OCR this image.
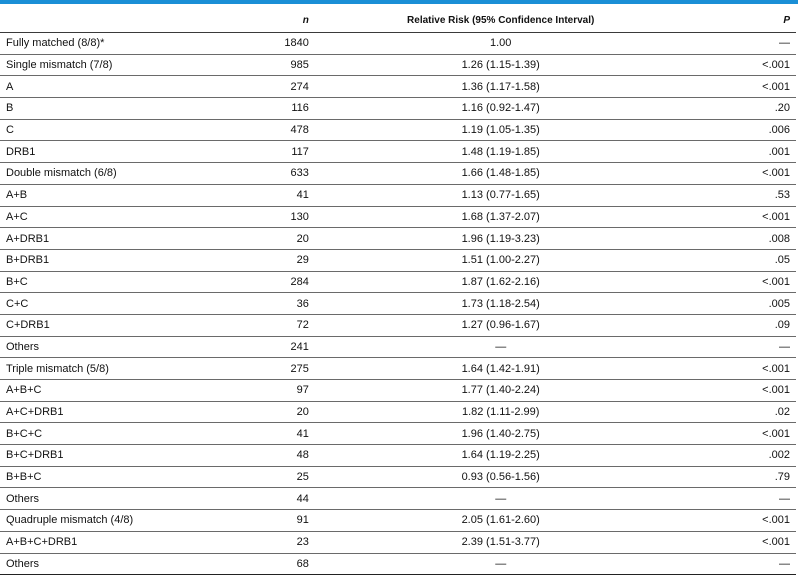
	n	Relative Risk (95% Confidence Interval)	P
Fully matched (8/8)*	1840	1.00	—
Single mismatch (7/8)	985	1.26 (1.15-1.39)	<.001
A	274	1.36 (1.17-1.58)	<.001
B	116	1.16 (0.92-1.47)	.20
C	478	1.19 (1.05-1.35)	.006
DRB1	117	1.48 (1.19-1.85)	.001
Double mismatch (6/8)	633	1.66 (1.48-1.85)	<.001
A+B	41	1.13 (0.77-1.65)	.53
A+C	130	1.68 (1.37-2.07)	<.001
A+DRB1	20	1.96 (1.19-3.23)	.008
B+DRB1	29	1.51 (1.00-2.27)	.05
B+C	284	1.87 (1.62-2.16)	<.001
C+C	36	1.73 (1.18-2.54)	.005
C+DRB1	72	1.27 (0.96-1.67)	.09
Others	241	—	—
Triple mismatch (5/8)	275	1.64 (1.42-1.91)	<.001
A+B+C	97	1.77 (1.40-2.24)	<.001
A+C+DRB1	20	1.82 (1.11-2.99)	.02
B+C+C	41	1.96 (1.40-2.75)	<.001
B+C+DRB1	48	1.64 (1.19-2.25)	.002
B+B+C	25	0.93 (0.56-1.56)	.79
Others	44	—	—
Quadruple mismatch (4/8)	91	2.05 (1.61-2.60)	<.001
A+B+C+DRB1	23	2.39 (1.51-3.77)	<.001
Others	68	—	—
